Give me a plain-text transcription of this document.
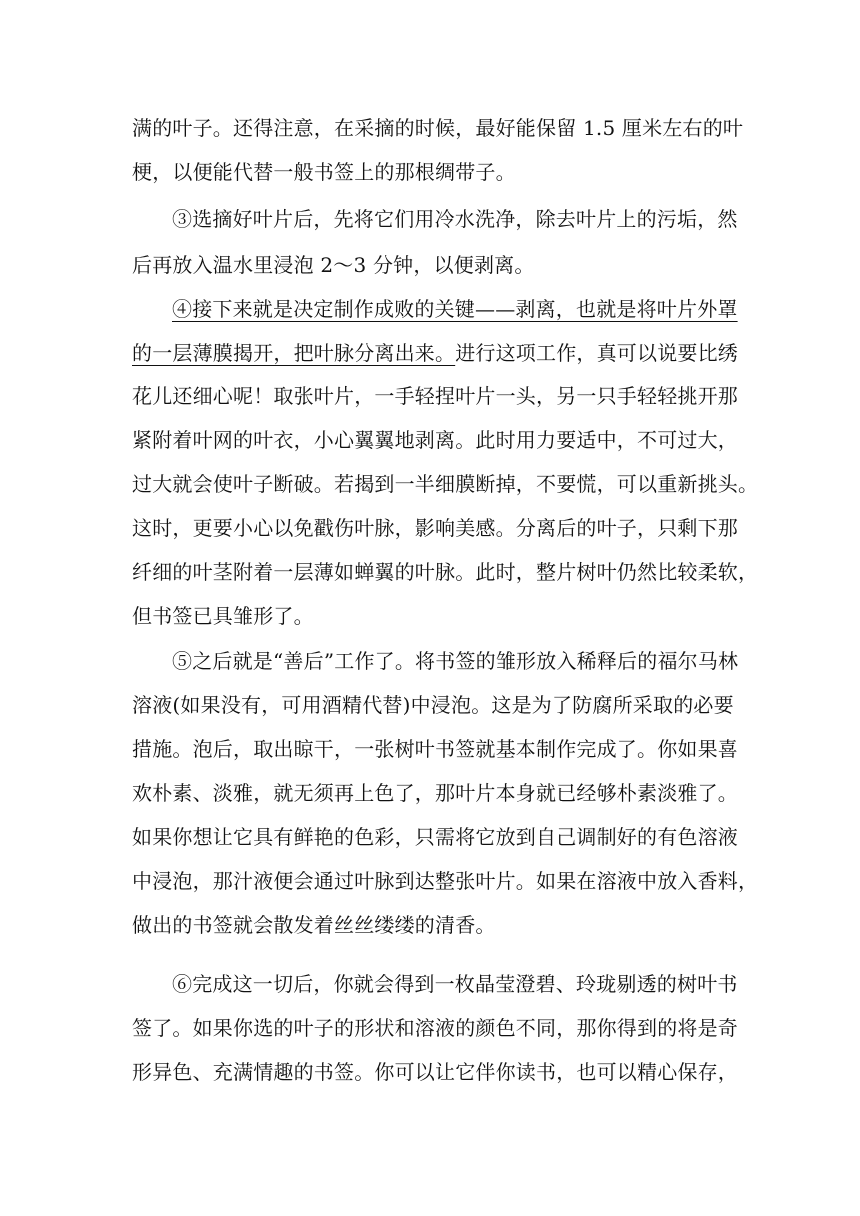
满的叶子。还得注意，在采摘的时候，最好能保留 1.5 厘米左右的叶
梗，以便能代替一般书签上的那根绸带子。
③选摘好叶片后，先将它们用冷水洗净，除去叶片上的污垢，然
后再放入温水里浸泡 2～3 分钟，以便剥离。
④接下来就是决定制作成败的关键——剥离，也就是将叶片外罩
的一层薄膜揭开，把叶脉分离出来。进行这项工作，真可以说要比绣
花儿还细心呢！取张叶片，一手轻捏叶片一头，另一只手轻轻挑开那
紧附着叶网的叶衣，小心翼翼地剥离。此时用力要适中，不可过大，
过大就会使叶子断破。若揭到一半细膜断掉，不要慌，可以重新挑头。
这时，更要小心以免戳伤叶脉，影响美感。分离后的叶子，只剩下那
纤细的叶茎附着一层薄如蝉翼的叶脉。此时，整片树叶仍然比较柔软，
但书签已具雏形了。
⑤之后就是“善后”工作了。将书签的雏形放入稀释后的福尔马林
溶液(如果没有，可用酒精代替)中浸泡。这是为了防腐所采取的必要
措施。泡后，取出晾干，一张树叶书签就基本制作完成了。你如果喜
欢朴素、淡雅，就无须再上色了，那叶片本身就已经够朴素淡雅了。
如果你想让它具有鲜艳的色彩，只需将它放到自己调制好的有色溶液
中浸泡，那汁液便会通过叶脉到达整张叶片。如果在溶液中放入香料，
做出的书签就会散发着丝丝缕缕的清香。
⑥完成这一切后，你就会得到一枚晶莹澄碧、玲珑剔透的树叶书
签了。如果你选的叶子的形状和溶液的颜色不同，那你得到的将是奇
形异色、充满情趣的书签。你可以让它伴你读书，也可以精心保存，
